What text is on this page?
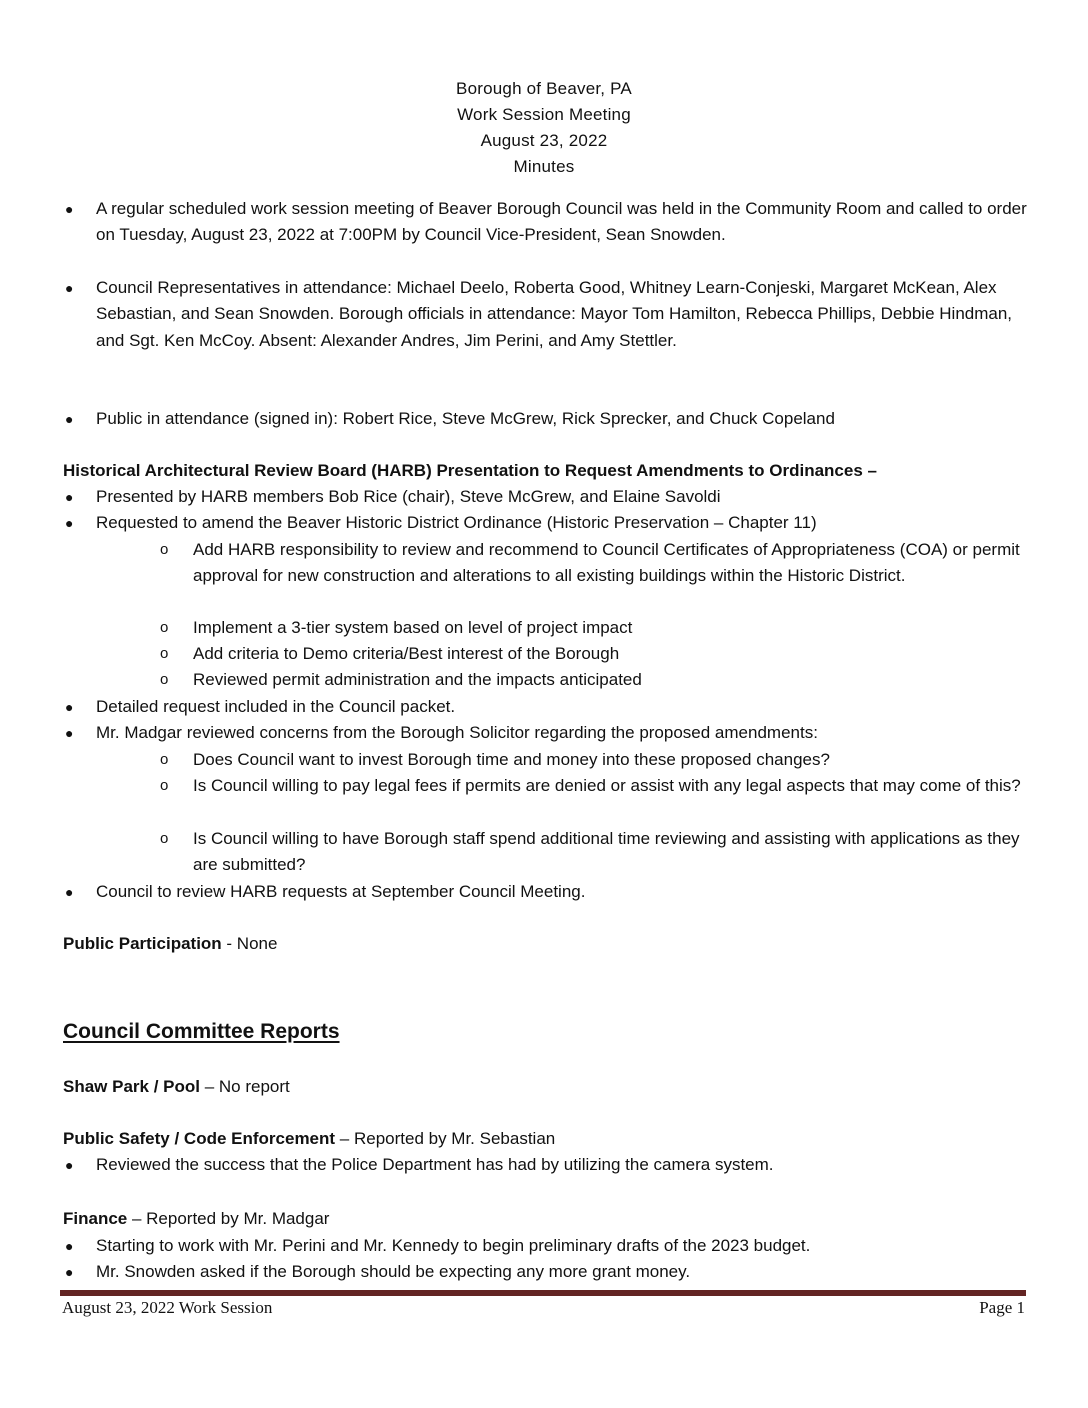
Borough of Beaver, PA
Work Session Meeting
August 23, 2022
Minutes
● A regular scheduled work session meeting of Beaver Borough Council was held in the Community Room and called to order on Tuesday, August 23, 2022 at 7:00PM by Council Vice-President, Sean Snowden.
● Council Representatives in attendance: Michael Deelo, Roberta Good, Whitney Learn-Conjeski, Margaret McKean, Alex Sebastian, and Sean Snowden. Borough officials in attendance: Mayor Tom Hamilton, Rebecca Phillips, Debbie Hindman, and Sgt. Ken McCoy. Absent: Alexander Andres, Jim Perini, and Amy Stettler.
● Public in attendance (signed in): Robert Rice, Steve McGrew, Rick Sprecker, and Chuck Copeland
Historical Architectural Review Board (HARB) Presentation to Request Amendments to Ordinances –
● Presented by HARB members Bob Rice (chair), Steve McGrew, and Elaine Savoldi
● Requested to amend the Beaver Historic District Ordinance (Historic Preservation – Chapter 11)
o Add HARB responsibility to review and recommend to Council Certificates of Appropriateness (COA) or permit approval for new construction and alterations to all existing buildings within the Historic District.
o Implement a 3-tier system based on level of project impact
o Add criteria to Demo criteria/Best interest of the Borough
o Reviewed permit administration and the impacts anticipated
● Detailed request included in the Council packet.
● Mr. Madgar reviewed concerns from the Borough Solicitor regarding the proposed amendments:
o Does Council want to invest Borough time and money into these proposed changes?
o Is Council willing to pay legal fees if permits are denied or assist with any legal aspects that may come of this?
o Is Council willing to have Borough staff spend additional time reviewing and assisting with applications as they are submitted?
● Council to review HARB requests at September Council Meeting.
Public Participation - None
Council Committee Reports
Shaw Park / Pool – No report
Public Safety / Code Enforcement – Reported by Mr. Sebastian
● Reviewed the success that the Police Department has had by utilizing the camera system.
Finance – Reported by Mr. Madgar
● Starting to work with Mr. Perini and Mr. Kennedy to begin preliminary drafts of the 2023 budget.
● Mr. Snowden asked if the Borough should be expecting any more grant money.
August 23, 2022 Work Session	Page 1
